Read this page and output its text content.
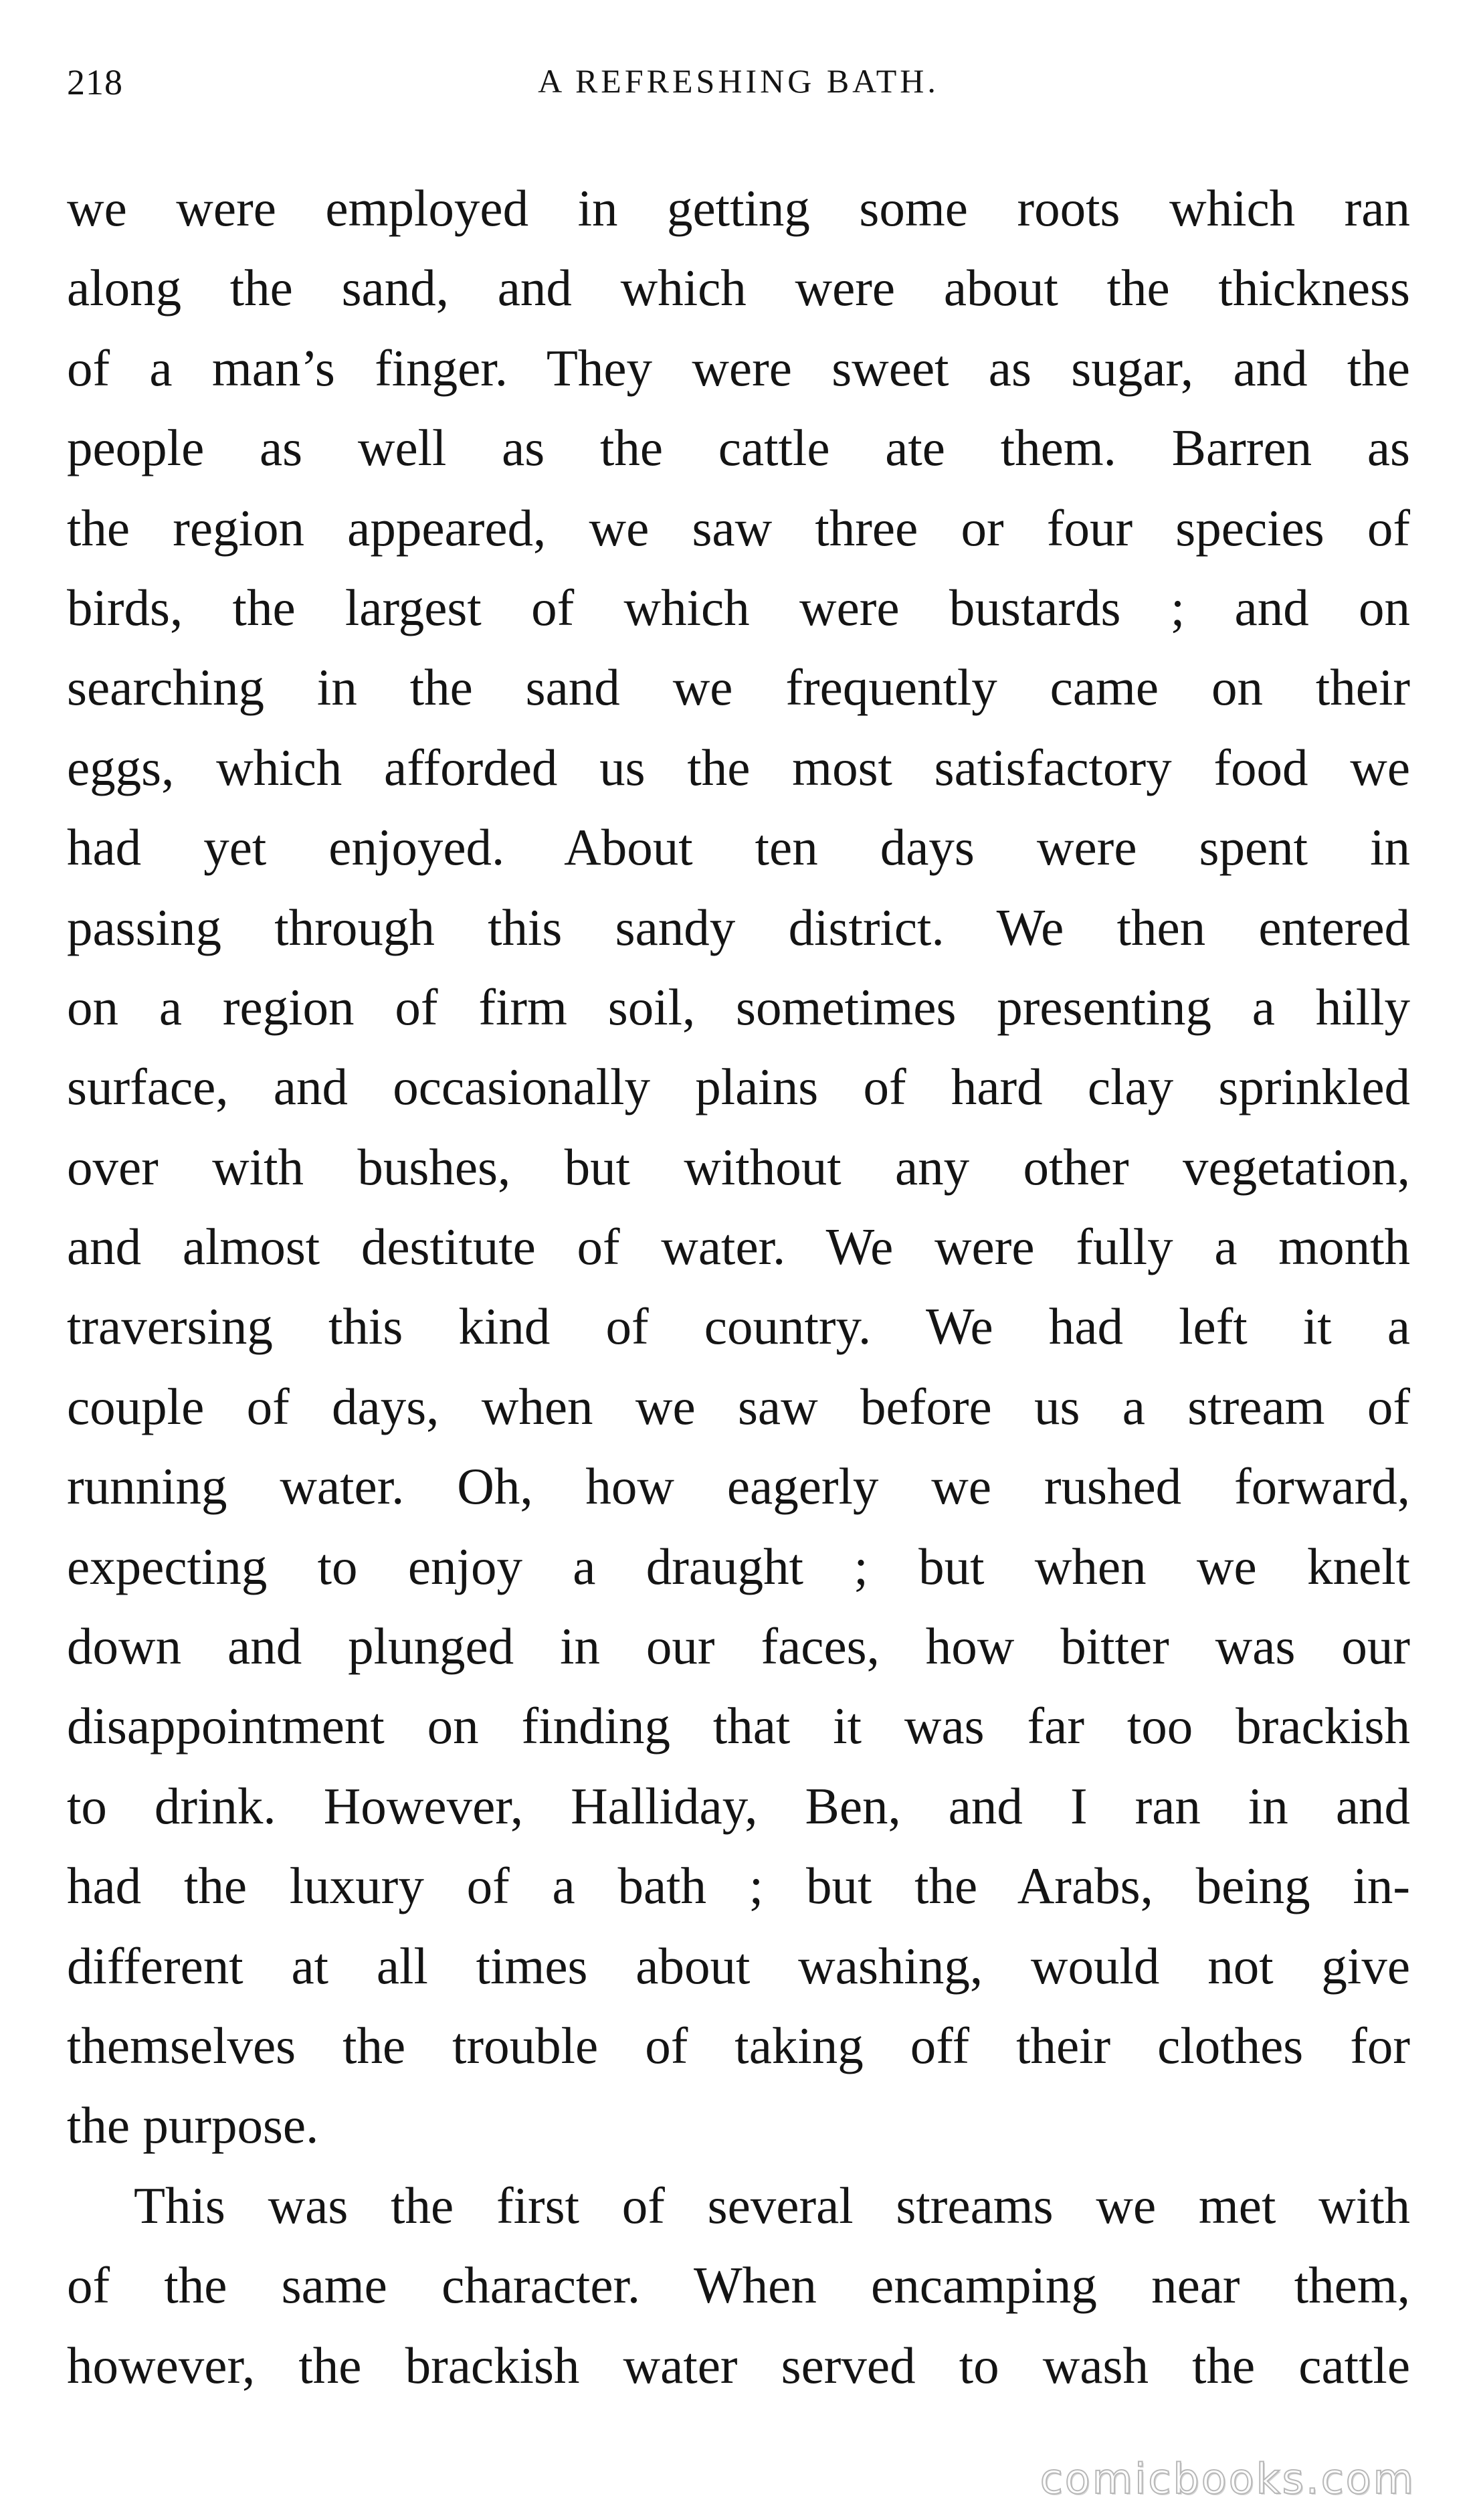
218	A REFRESHING BATH.
we were employed in getting some roots which ran
along the sand, and which were about the thickness
of a man’s finger. They were sweet as sugar, and the
people as well as the cattle ate them. Barren as
the region appeared, we saw three or four species of
birds, the largest of which were bustards ; and on
searching in the sand we frequently came on their
eggs, which afforded us the most satisfactory food we
had yet enjoyed. About ten days were spent in
passing through this sandy district. We then entered
on a region of firm soil, sometimes presenting a hilly
surface, and occasionally plains of hard clay sprinkled
over with bushes, but without any other vegetation,
and almost destitute of water. We were fully a month
traversing this kind of country. We had left it a
couple of days, when we saw before us a stream of
running water. Oh, how eagerly we rushed forward,
expecting to enjoy a draught ; but when we knelt
down and plunged in our faces, how bitter was our
disappointment on finding that it was far too brackish
to drink. However, Halliday, Ben, and I ran in and
had the luxury of a bath ; but the Arabs, being in-
different at all times about washing, would not give
themselves the trouble of taking off their clothes for
the purpose.
This was the first of several streams we met with
of the same character. When encamping near them,
however, the brackish water served to wash the cattle
comicbooks.com
